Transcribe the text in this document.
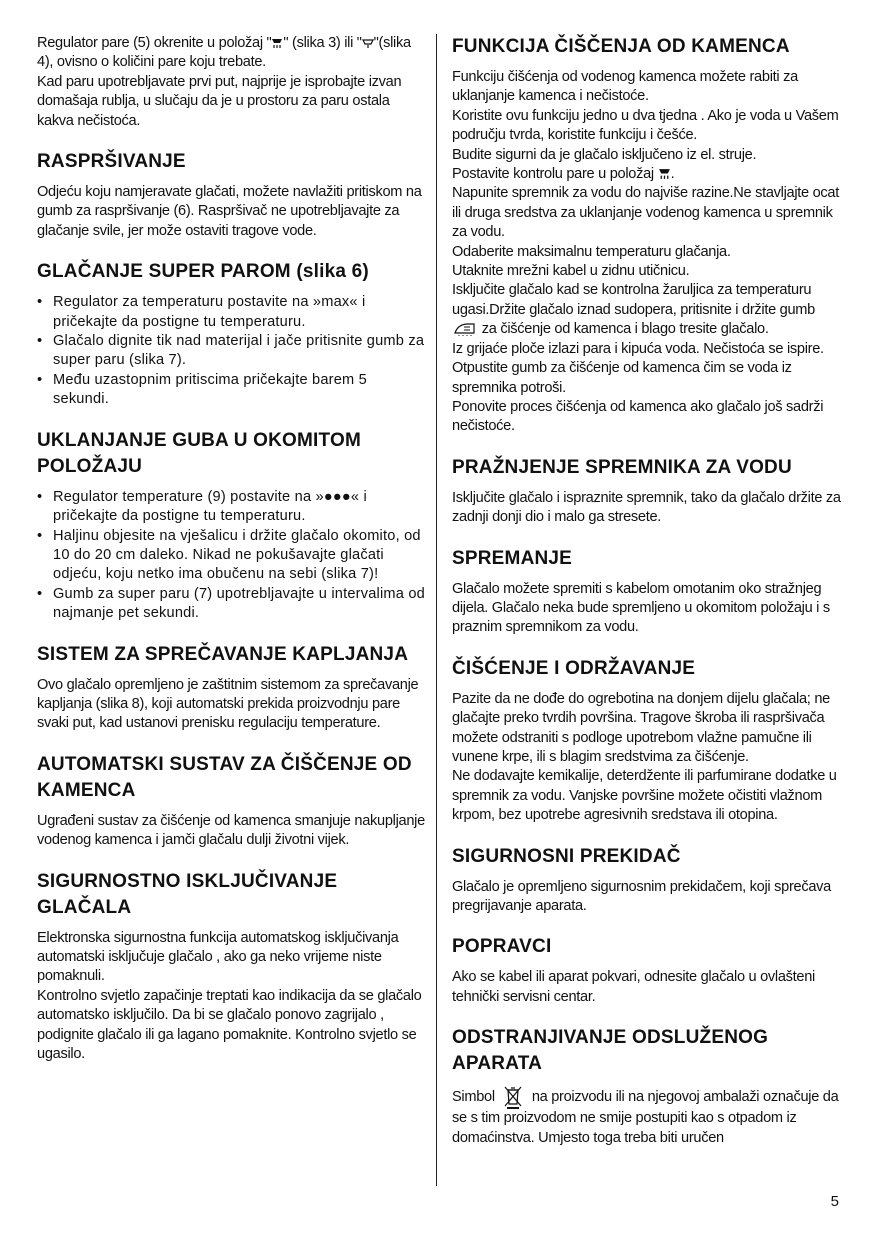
Regulator pare (5) okrenite u položaj " " (slika 3) ili " "(slika 4), ovisno o količini pare koju trebate.
Kad paru upotrebljavate prvi put, najprije je isprobajte izvan domašaja rublja, u slučaju da je u prostoru za paru ostala kakva nečistoća.

RASPRŠIVANJE

Odjeću koju namjeravate glačati, možete navlažiti pritiskom na gumb za raspršivanje (6). Raspršivač ne upotrebljavajte za glačanje svile, jer može ostaviti tragove vode.

GLAČANJE SUPER PAROM (slika 6)
• Regulator za temperaturu postavite na »max« i pričekajte da postigne tu temperaturu.
• Glačalo dignite tik nad materijal i jače pritisnite gumb za super paru (slika 7).
• Među uzastopnim pritiscima pričekajte barem 5 sekundi.
UKLANJANJE GUBA U OKOMITOM POLOŽAJU
• Regulator temperature (9) postavite na »●●●« i pričekajte da postigne tu temperaturu.
• Haljinu objesite na vješalicu i držite glačalo okomito, od 10 do 20 cm daleko. Nikad ne pokušavajte glačati odjeću, koju netko ima obučenu na sebi (slika 7)!
• Gumb za super paru (7) upotrebljavajte u intervalima od najmanje pet sekundi.
SISTEM ZA SPREČAVANJE KAPLJANJA

Ovo glačalo opremljeno je zaštitnim sistemom za sprečavanje kapljanja (slika 8), koji automatski prekida proizvodnju pare svaki put, kad ustanovi prenisku regulaciju temperature.

AUTOMATSKI SUSTAV ZA ČIŠČENJE OD KAMENCA

Ugrađeni sustav za čišćenje od kamenca smanjuje nakupljanje vodenog kamenca i jamči glačalu dulji životni vijek.

SIGURNOSTNO ISKLJUČIVANJE GLAČALA

Elektronska sigurnostna funkcija automatskog isključivanja
automatski isključuje glačalo , ako ga neko vrijeme niste pomaknuli.
Kontrolno svjetlo zapačinje treptati kao indikacija da se glačalo automatsko isključilo. Da bi se glačalo ponovo zagrijalo , podignite glačalo ili ga lagano pomaknite. Kontrolno svjetlo se ugasilo.

FUNKCIJA ČIŠČENJA OD KAMENCA

Funkciju čišćenja od vodenog kamenca možete rabiti za uklanjanje kamenca i nečistoće.
Koristite ovu funkciju jedno u dva tjedna . Ako je voda u Vašem području tvrda, koristite funkciju i češće.
Budite sigurni da je glačalo isključeno iz el. struje.
Postavite kontrolu pare u položaj .
Napunite spremnik za vodu do najviše razine.Ne stavljajte ocat ili druga sredstva za uklanjanje vodenog kamenca u spremnik za vodu.
Odaberite maksimalnu temperaturu glačanja.
Utaknite mrežni kabel u zidnu utičnicu.
Isključite glačalo kad se kontrolna žaruljica za temperaturu
ugasi.Držite glačalo iznad sudopera, pritisnite i držite gumb  za čišćenje od kamenca i blago tresite glačalo.
Iz grijaće ploče izlazi para i kipuća voda. Nečistoća se ispire.
Otpustite gumb za čišćenje od kamenca čim se voda iz spremnika potroši.
Ponovite proces čišćenja od kamenca ako glačalo još sadrži nečistoće.

PRAŽNJENJE SPREMNIKA ZA VODU

Isključite glačalo i ispraznite spremnik, tako da glačalo držite za zadnji donji dio i malo ga stresete.

SPREMANJE

Glačalo možete spremiti s kabelom omotanim oko stražnjeg dijela. Glačalo neka bude spremljeno u okomitom položaju i s praznim spremnikom za vodu.

ČIŠĆENJE I ODRŽAVANJE

Pazite da ne dođe do ogrebotina na donjem dijelu glačala; ne glačajte preko tvrdih površina. Tragove škroba ili raspršivača možete odstraniti s podloge upotrebom vlažne pamučne ili vunene krpe, ili s blagim sredstvima za čišćenje.
Ne dodavajte kemikalije, deterdžente ili parfumirane dodatke u spremnik za vodu. Vanjske površine možete očistiti vlažnom krpom, bez upotrebe agresivnih sredstava ili otopina.

SIGURNOSNI PREKIDAČ

Glačalo je opremljeno sigurnosnim prekidačem, koji sprečava pregrijavanje aparata.

POPRAVCI

Ako se kabel ili aparat pokvari, odnesite glačalo u ovlašteni tehnički servisni centar.

ODSTRANJIVANJE ODSLUŽENOG APARATA

Simbol	na proizvodu ili na njegovoj ambalaži označuje da se s tim proizvodom ne smije postupiti kao s otpadom iz domaćinstva. Umjesto toga treba biti uručen

5
